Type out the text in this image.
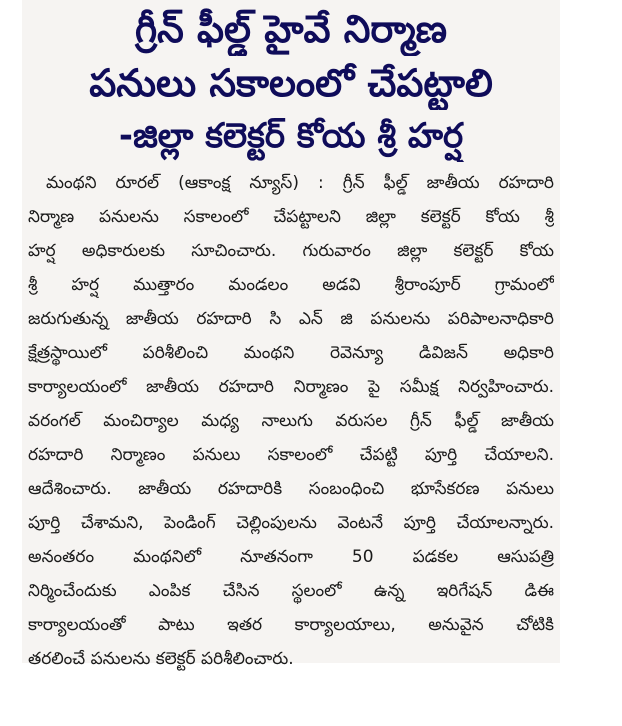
గ్రీన్ ఫీల్డ్ హైవే నిర్మాణ
పనులు సకాలంలో చేపట్టాలి
-జిల్లా కలెక్టర్ కోయ శ్రీ హర్ష
మంథని రూరల్ (ఆకాంక్ష న్యూస్) : గ్రీన్ ఫీల్డ్ జాతీయ రహదారి
నిర్మాణ పనులను సకాలంలో చేపట్టాలని జిల్లా కలెక్టర్ కోయ శ్రీ
హర్ష అధికారులకు సూచించారు. గురువారం జిల్లా కలెక్టర్ కోయ
శ్రీ హర్ష ముత్తారం మండలం అడవి శ్రీరాంపూర్ గ్రామంలో
జరుగుతున్న జాతీయ రహదారి సి ఎన్ జి పనులను పరిపాలనాధికారి
క్షేత్రస్థాయిలో పరిశీలించి మంథని రెవెన్యూ డివిజన్ అధికారి
కార్యాలయంలో జాతీయ రహదారి నిర్మాణం పై సమీక్ష నిర్వహించారు.
వరంగల్ మంచిర్యాల మధ్య నాలుగు వరుసల గ్రీన్ ఫీల్డ్ జాతీయ
రహదారి నిర్మాణం పనులు సకాలంలో చేపట్టి పూర్తి చేయాలని.
ఆదేశించారు. జాతీయ రహదారికి సంబంధించి భూసేకరణ పనులు
పూర్తి చేశామని, పెండింగ్ చెల్లింపులను వెంటనే పూర్తి చేయాలన్నారు.
అనంతరం మంథనిలో నూతనంగా 50 పడకల ఆసుపత్రి
నిర్మించేందుకు ఎంపిక చేసిన స్థలంలో ఉన్న ఇరిగేషన్ డిఈ
కార్యాలయంతో పాటు ఇతర కార్యాలయాలు, అనువైన చోటికి
తరలించే పనులను కలెక్టర్ పరిశీలించారు.
